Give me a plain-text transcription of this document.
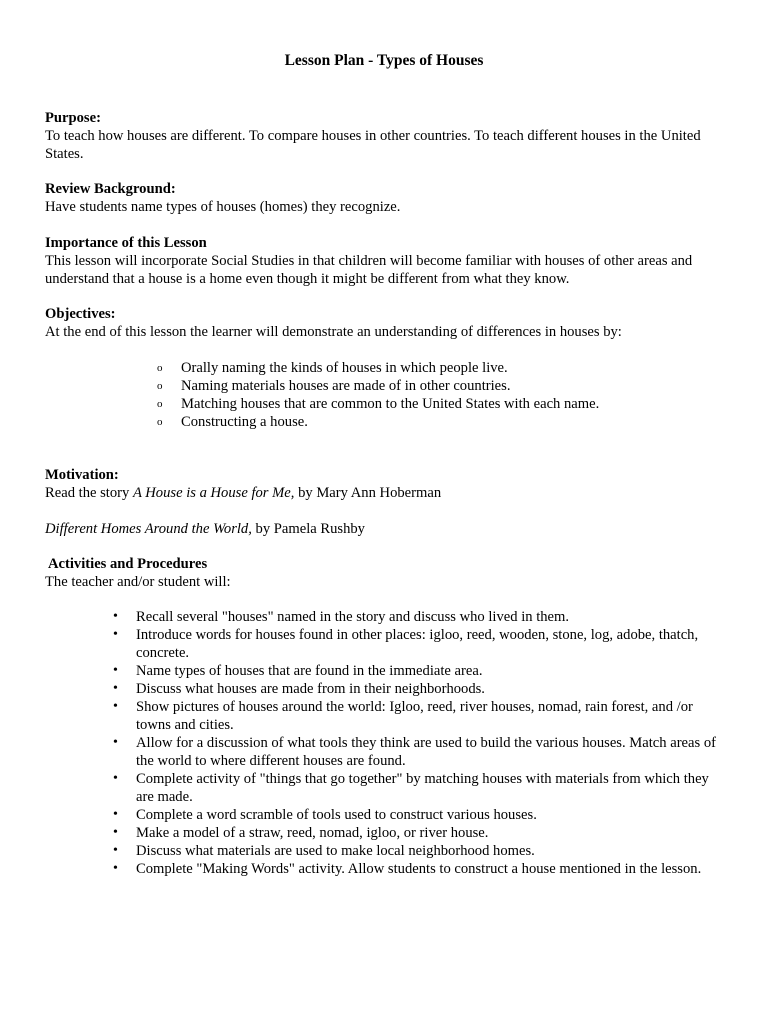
Lesson Plan - Types of Houses
Purpose:
To teach how houses are different. To compare houses in other countries. To teach different houses in the United States.
Review Background:
Have students name types of houses (homes) they recognize.
Importance of this Lesson
This lesson will incorporate Social Studies in that children will become familiar with houses of other areas and understand that a house is a home even though it might be different from what they know.
Objectives:
At the end of this lesson the learner will demonstrate an understanding of differences in houses by:
o Orally naming the kinds of houses in which people live.
o Naming materials houses are made of in other countries.
o Matching houses that are common to the United States with each name.
o Constructing a house.
Motivation:
Read the story A House is a House for Me, by Mary Ann Hoberman
Different Homes Around the World, by Pamela Rushby
Activities and Procedures
The teacher and/or student will:
• Recall several "houses" named in the story and discuss who lived in them.
• Introduce words for houses found in other places: igloo, reed, wooden, stone, log, adobe, thatch, concrete.
• Name types of houses that are found in the immediate area.
• Discuss what houses are made from in their neighborhoods.
• Show pictures of houses around the world: Igloo, reed, river houses, nomad, rain forest, and /or towns and cities.
• Allow for a discussion of what tools they think are used to build the various houses. Match areas of the world to where different houses are found.
• Complete activity of "things that go together" by matching houses with materials from which they are made.
• Complete a word scramble of tools used to construct various houses.
• Make a model of a straw, reed, nomad, igloo, or river house.
• Discuss what materials are used to make local neighborhood homes.
• Complete "Making Words" activity. Allow students to construct a house mentioned in the lesson.
